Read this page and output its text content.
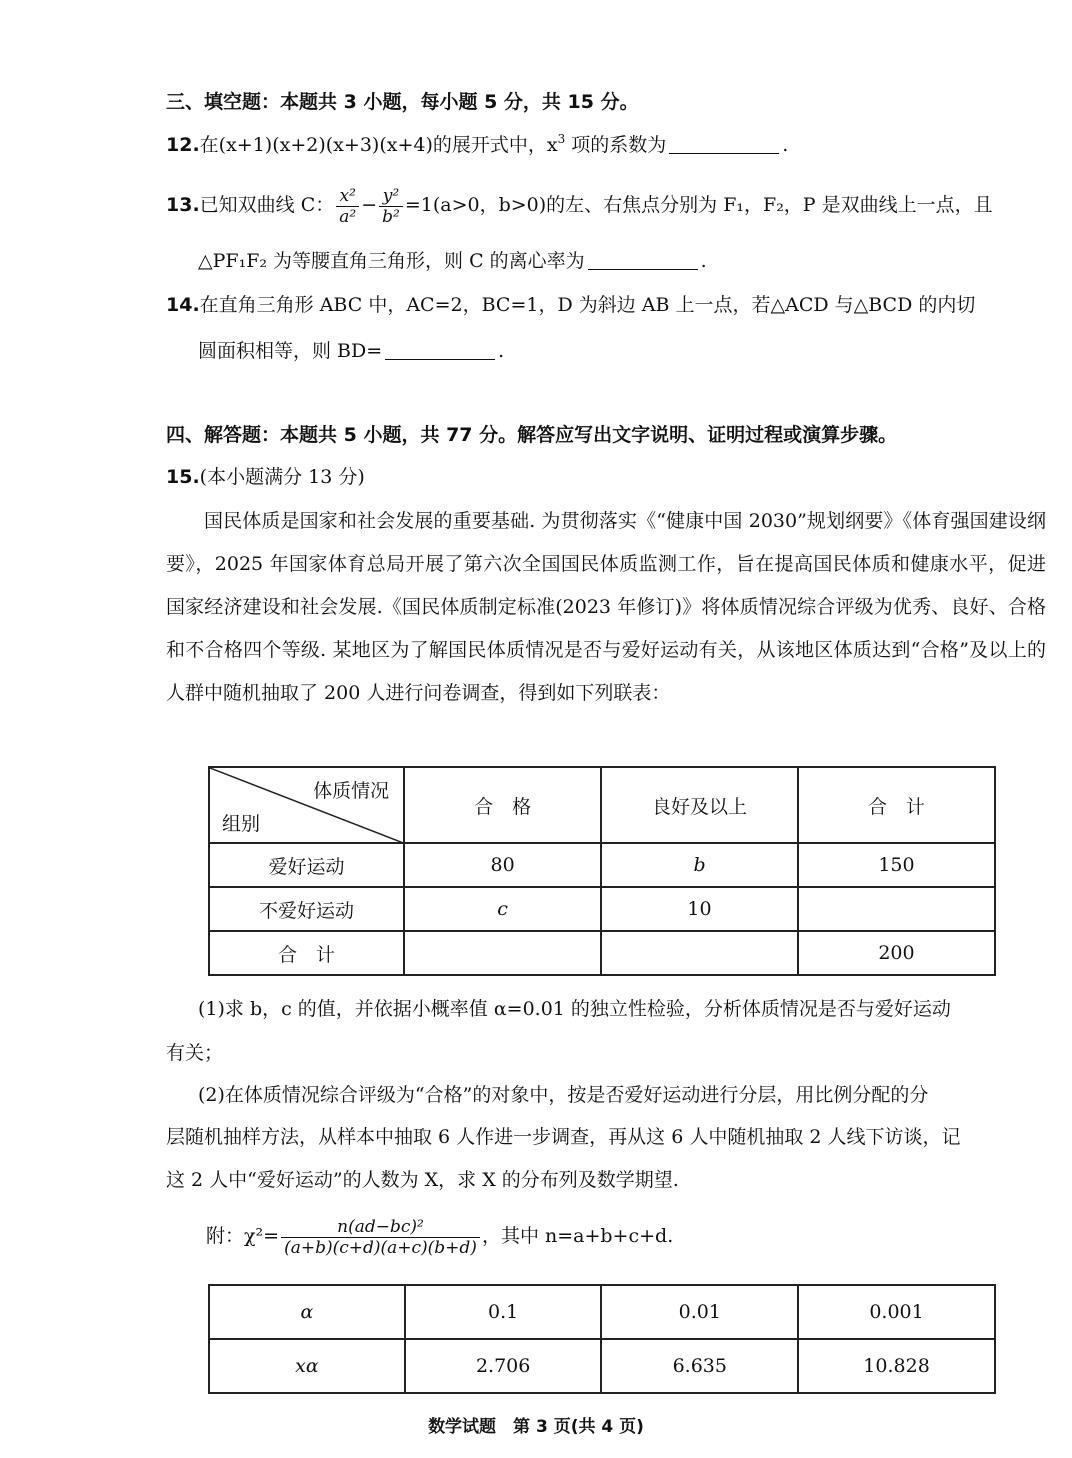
三、填空题：本题共 3 小题，每小题 5 分，共 15 分。
12.在(x+1)(x+2)(x+3)(x+4)的展开式中，$x^3$ 项的系数为	.
13.已知双曲线 C： $\frac{\text{x²}}{\text{a²}} - \frac{\text{y²}}{\text{b²}} =1(a>0$，b>0)的左、右焦点分别为 F₁，F₂，P 是双曲线上一点，且
△PF₁F₂ 为等腰直角三角形，则 C 的离心率为	.
14.在直角三角形 ABC 中，AC=2，BC=1，D 为斜边 AB 上一点，若△ACD 与△BCD 的内切
圆面积相等，则 BD=	.
四、解答题：本题共 5 小题，共 77 分。解答应写出文字说明、证明过程或演算步骤。
15.(本小题满分 13 分)
国民体质是国家和社会发展的重要基础. 为贯彻落实《“健康中国 2030”规划纲要》《体育强国建设纲要》，2025 年国家体育总局开展了第六次全国国民体质监测工作，旨在提高国民体质和健康水平，促进国家经济建设和社会发展.《国民体质制定标准(2023 年修订)》将体质情况综合评级为优秀、良好、合格和不合格四个等级. 某地区为了解国民体质情况是否与爱好运动有关，从该地区体质达到“合格”及以上的人群中随机抽取了 200 人进行问卷调查，得到如下列联表：
体质情况
组别	合　格	良好及以上	合　计
爱好运动	80	b	150
不爱好运动	c	10	
合　计			200
(1)求 b，c 的值，并依据小概率值 α=0.01 的独立性检验，分析体质情况是否与爱好运动
有关；
(2)在体质情况综合评级为“合格”的对象中，按是否爱好运动进行分层，用比例分配的分
层随机抽样方法，从样本中抽取 6 人作进一步调查，再从这 6 人中随机抽取 2 人线下访谈，记
这 2 人中“爱好运动”的人数为 X，求 X 的分布列及数学期望.
附：$\chi^2= \frac{\text{n(ad−bc)²}}{(a+b)(c+d)(a+c)(b+d)}$ ，其中 n=a+b+c+d.
α	0.1	0.01	0.001
xα	2.706	6.635	10.828
数学试题　第 3 页(共 4 页)
